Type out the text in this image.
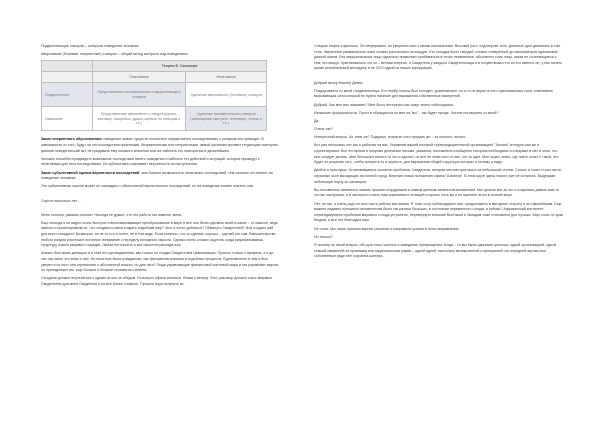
Подкрепляющие стимулы – контроль поведения человека.

Аверсивные (болевые, неприятные) стимулы – общий метод контроля над поведением.

	Теория Б. Скиннера	
	Позитивное	Негативное
Подкрепление	Представление положительного подкрепляющего стимула	Удаление аверсивного (болевого) стимула
Наказание	Представление аверсивного стимула (ругань, выговор, пощечина, удары, щелчок по пальцам и т.п.)	Удаление положительного стимула (запрещение смотреть телевизор, гулять и т.п.)

Закон оперантного обусловления: поведение живых существ полностью определяется последствиями, к которым оно приводит. В зависимости от того, будут ли эти последствия приятными, безразличными или неприятными, живой организм проявит тенденцию повторять данный поведенческий акт, не придавать ему никакого значения или же избегать его повторения в дальнейшем.

Человек способен предвидеть возможные последствия своего поведения и избегать тех действий и ситуаций, которые приведут к негативным для него последствиям. Он субъективно оценивает вероятность их наступления.

Закон субъективной оценки вероятности последствий: чем больше возможность негативных последствий, тем сильнее это влияет на поведение человека.

Это субъективная оценка может не совпадать с объективной вероятностью последствий, но на поведение влияет именно она.

Спустя несколько лет…

Меня поносят, уважаю поносят. Никогда не думал, что это работа так изменит меня.

Еще никогда я не видел столь быстрое и всеохватывающее преобразование в мире и все они были сделаны моей в какие – то смысле, ведь именно я проектировала их. Что сподвигло меня создать подобный мир? Чего я хотел добиться? Обмануть Свидетелей? Или создать рай для всех и каждого? Возможно, но не то что я хотел, не в том виде. Если конечно, что-то сделать хорошо – сделай это сам. Вмешательство любого разума уничтожит истинное понимание к переделу исходного смысла. Однако очень сложно ощутить когда разрабатываешь структуру нового мирового порядка. Любая неточность и все начнется распадаться.

Альянс был моим детищем и я стал его руководителем, как только он создан Свидетелем Цивилизации. Прошло только с времени, а я до сих пор мало что знаю о них. Не поняться были граждански, как феноменов влияния в подобные процессы. Единственное в чем я был уверен в их пост они стремились к абсолютной власти, но для чего? Люди управляющие финансовой системой мира и так управляют миром, он принадлежит им, еще больше и больше стремятся к власти.

Сегодняя должен встретиться с одним из них за обедом. Из вопрос офиса Альянса, ближе к вечеру. Этот разговор должен стать впервые. Свидетелем для меня Свидетели и на всё более сложное. Прошла пора получить их.

Створки лифта открылись. Он непрерывно, но уверенно шел к своим назначениям. Высокий рост, подтянутая тело, длинные руки двигались в такт тела. Уверенные размашистые шаги словно рассчитаны на каждую. Его походка было твердой, словно отмеренной до миллиметров одинаковой длиной шагов. Без эмоциональное лицо идеально правильно прибиваться в точно неизменное, абсолютно тоже лицо, никак не сочетающиеся с тем, что вокруг. Чувствовалось что он – вечная энергия, а Свидетели у каждого Свидетельница и в почувствовал что из его именно он, у них ничего кроме региональный менеджер и не CEO одной из ниших корпораций.

Добрый вечер Мистер Девин.

Поздоровался со мной Свидетельница. Его тембр голоса был холоден, уравновешен, но я то не верил в него чувствовалась сила, повелевать вызывающая сила который не нужно насилие для выражения собственных намерений.

Добрый. Как мне вас называть? Мне было интересно как зовут моего собеседника.

Излишние формальности. Прост в обращаться ко мне на "вы" - так будет проще. Хотели поговорить со мной?

Да.

Очень так?

Интересный вопрос. Ах теме же? Подумал, потратит коти предать же – за полного, ничего.

Вот уже несколько лет как я работаю на вас. Управляю вашей половой трансжедицательной организацией "Альянс" которую сам же и спроектировал. Все это время я получаю денежные письма, указания, поставлено сообщение которым необходимо я следовал в них в этом, что мне следует делать. Мне беспокоит меня в то что я сделал, но все не знаю чего от них, что то идет. Мне нужно знать, где никто стоял с такой, это будет из решения того, чтобы потерять то и оценить, для выражения общей структуры которых и почему и надо.

Двойте я прислуша. Установившиеся галоклон проблема: Свидетели, история жестом пригласил за небольшой столик. Столик и стоил стоял около огромных окон выходящих на ночной город. Верхние этажи положения офиса "Альянса". В этом круге здесь никого уже не осталось. Выдержав небольшую паузу он заговорил:

Вы несомненно являетесь нашим лучшим сотрудником и самым ценным капиталом-вложением. Мы ценили все за это и старались давать вам то что вы заслужили, а в частности и весь наш комплимент стоящий стороны, хоть вы и не оценили этого в полной мере.

Нет, не так, я очень рад что моя часть работы вас важна. Я тоже хочу поблагодарить вас, предоставить в выгодные сторону и это важнейшим. Еще важнее недавно положена человечества было так разных больших, в состоянии переменного голода, а сейчас? Африканский континент перпендикулярно проблема мирового голода устранено, перевернуто влияние Востоком и Западом тоже становится для лучших. Мир стоял от края бездны, и все это благодаря вам.

Не стоит. Мы лишь приняли верное решение и направили усилия в этом направлении.

Но только?

Я почему на такой вопрос, ибо для этого частное и заведение превращения. Когда – то мы были одинокие цельных, одной организацией, одной семьей связанной не кровными или национальным узами – одной идеей, настолько великолепной и прекрасной что передней жертвы все собственные ради неё сохранна шинера...
